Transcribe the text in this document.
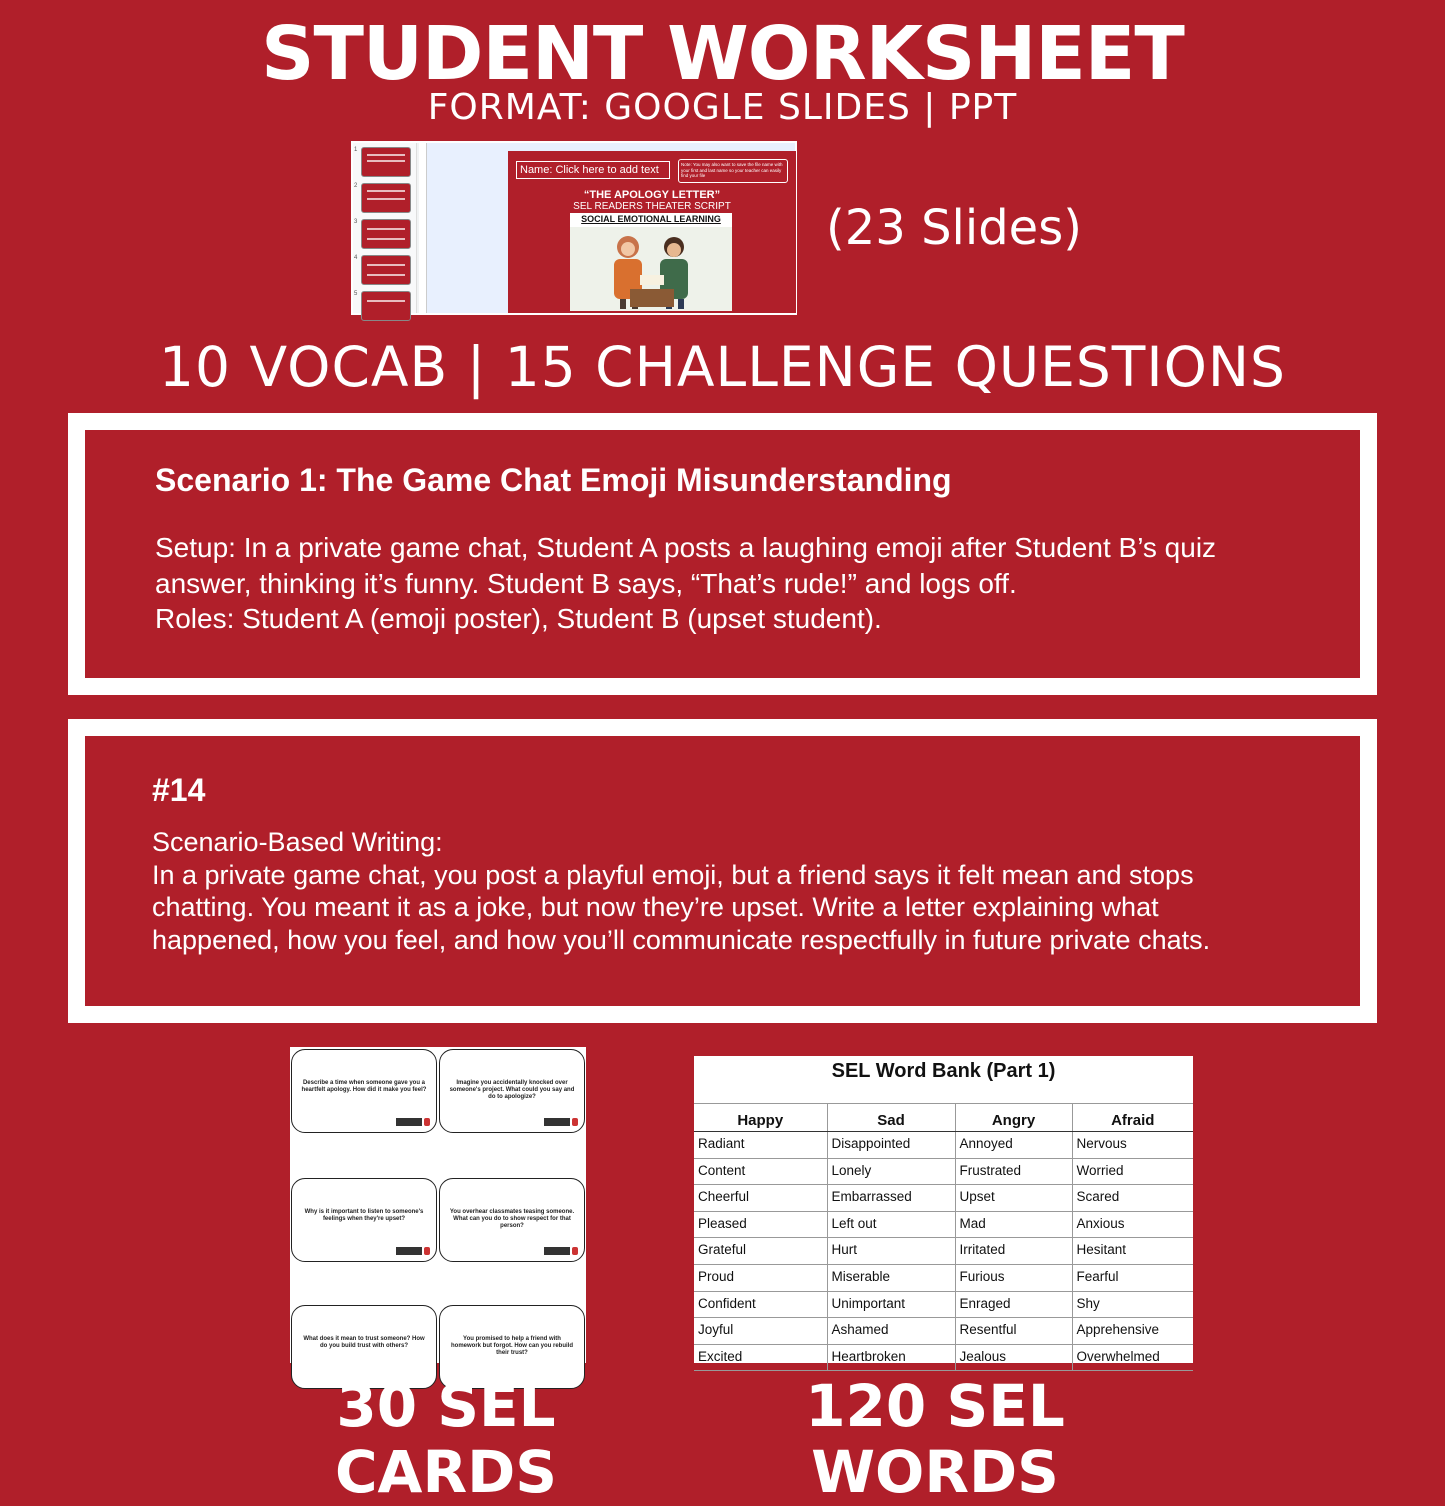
STUDENT WORKSHEET
FORMAT: GOOGLE SLIDES | PPT
1
2
3
4
5
Name: Click here to add text	Note: You may also want to save the file name with your first and last name so your teacher can easily find your file
“THE APOLOGY LETTER”
SEL READERS THEATER SCRIPT
SOCIAL EMOTIONAL LEARNING (23 Slides)
10 VOCAB | 15 CHALLENGE QUESTIONS
Scenario 1: The Game Chat Emoji Misunderstanding
Setup: In a private game chat, Student A posts a laughing emoji after Student B’s quiz answer, thinking it’s funny. Student B says, “That’s rude!” and logs off.
Roles: Student A (emoji poster), Student B (upset student).
#14
Scenario-Based Writing:
In a private game chat, you post a playful emoji, but a friend says it felt mean and stops chatting. You meant it as a joke, but now they’re upset. Write a letter explaining what happened, how you feel, and how you’ll communicate respectfully in future private chats.
Describe a time when someone gave you a heartfelt apology. How did it make you feel?
Imagine you accidentally knocked over someone's project. What could you say and do to apologize?
Why is it important to listen to someone's feelings when they're upset?
You overhear classmates teasing someone. What can you do to show respect for that person?
What does it mean to trust someone? How do you build trust with others?
You promised to help a friend with homework but forgot. How can you rebuild their trust?
SEL Word Bank (Part 1)
Happy	Sad	Angry	Afraid
Radiant	Disappointed	Annoyed	Nervous
Content	Lonely	Frustrated	Worried
Cheerful	Embarrassed	Upset	Scared
Pleased	Left out	Mad	Anxious
Grateful	Hurt	Irritated	Hesitant
Proud	Miserable	Furious	Fearful
Confident	Unimportant	Enraged	Shy
Joyful	Ashamed	Resentful	Apprehensive
Excited	Heartbroken	Jealous	Overwhelmed
30 SEL CARDS
120 SEL WORDS
